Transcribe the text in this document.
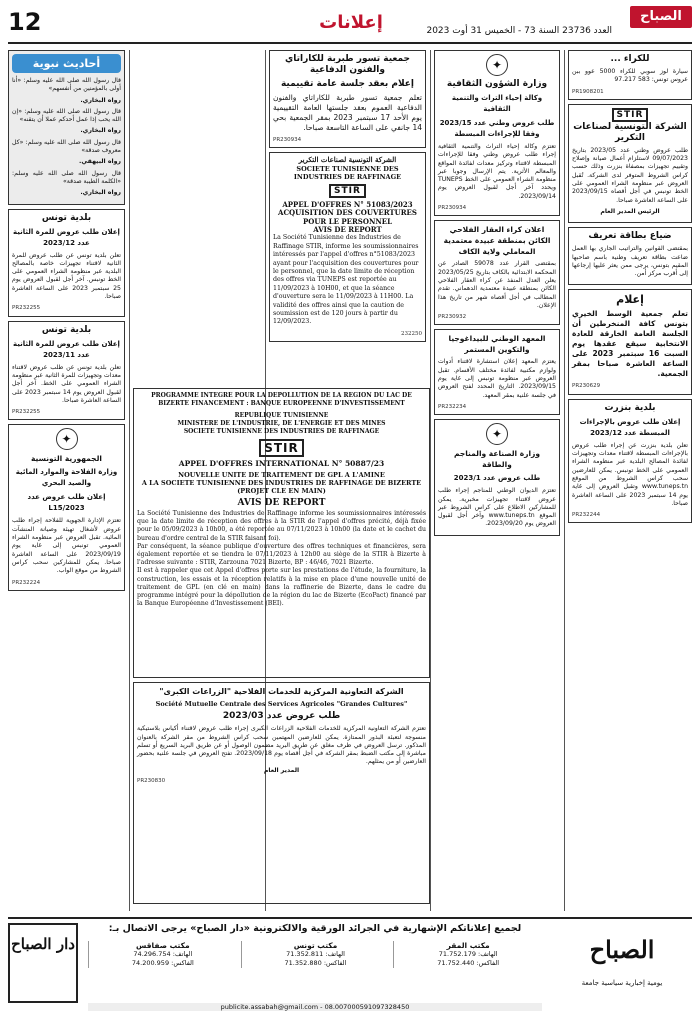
12	إعلانات	الصباح
العدد 23736 السنة 73 - الخميس 31 أوت 2023
للكراء ...

سيارة لوز سوبي للكراء 5000 عوو ببن عروس تونس: 583 97.217

PR1908201
STIR
الشركة التونسية لصناعات التكرير

طلب عروض وطني عدد 2023/05 بتاريخ 09/07/2023 لاستلزام أعمال صيانة وإصلاح وتقييم تجهيزات بمصفاة بنزرت وذلك حسب كراس الشروط المتوفر لدى الشركة. تُقبل العروض عبر منظومة الشراء العمومي على الخط تونبس في أجل أقصاه 2023/09/15 على الساعة العاشرة صباحا.

الرئيس المدير العام

ضياع بطاقة تعريف

بمقتضى القوانين والتراتيب الجاري بها العمل ضاعت بطاقة تعريف وطنية باسم صاحبها المقيم بتونس، يرجى ممن يعثر عليها إرجاعها إلى أقرب مركز أمن.

إعلام

تعلم جمعية الوسط الخيري بتونس كافة المنخرطين أن الجلسة العامة الخارقة للعادة الانتخابية سيقع عقدها يوم السبت 16 سبتمبر 2023 على الساعة العاشرة صباحا بمقر الجمعية.

PR230629
بلدية بنزرت
إعلان طلب عروض بالإجراءات المبسطة عدد 2023/12

تعلن بلدية بنزرت عن إجراء طلب عروض بالإجراءات المبسطة لاقتناء معدات وتجهيزات لفائدة المصالح البلدية عبر منظومة الشراء العمومي على الخط تونبس. يمكن للعارضين سحب كراس الشروط من الموقع www.tuneps.tn وتقبل العروض إلى غاية يوم 14 سبتمبر 2023 على الساعة العاشرة صباحا.

PR232244
✦
وزارة الشؤون الثقافية
وكالة إحياء التراث والتنمية الثقافية
طلب عروض وطني عدد 2023/15 وفقا للإجراءات المبسطة

تعتزم وكالة إحياء التراث والتنمية الثقافية إجراء طلب عروض وطني وفقا للإجراءات المبسطة لاقتناء وتركيز معدات لفائدة المواقع والمعالم الأثرية. يتم الإرسال وجوبا عبر منظومة الشراء العمومي على الخط TUNEPS ويحدد آخر أجل لقبول العروض يوم 2023/09/14.

PR230934
اعلان كراء العقار الفلاحي الكائن بمنطقة عبيدة معتمدية المعاملي ولاية الكاف

بمقتضى القرار عدد 59078 الصادر عن المحكمة الابتدائية بالكاف بتاريخ 2023/05/25 يعلن العدل المنفذ عن كراء العقار الفلاحي الكائن بمنطقة عبيدة معتمدية الدهماني. تقدم المطالب في أجل أقصاه شهر من تاريخ هذا الإعلان.

PR230932
المعهد الوطني للبيداغوجيا والتكوين المستمر

يعتزم المعهد إعلان استشارة لاقتناء أدوات ولوازم مكتبية لفائدة مختلف الأقسام. تقبل العروض عبر منظومة تونبس إلى غاية يوم 2023/09/15. التاريخ المحدد لفتح العروض في جلسة علنية بمقر المعهد.

PR232234
✦
وزارة الصناعة والمناجم والطاقة
طلب عروض عدد 2023/1

تعتزم الديوان الوطني للمناجم إجراء طلب عروض لاقتناء تجهيزات مخبرية. يمكن للمشاركين الاطلاع على كراس الشروط عبر الموقع www.tuneps.tn وآخر أجل لقبول العروض يوم 2023/09/20.

جمعية تسور طبربة للكاراتاي والفنون الدفاعية
إعلام بعقد جلسة عامة تقييمية

تعلم جمعية تسور طبربة للكاراتاي والفنون الدفاعية العموم بعقد جلستها العامة التقييمية يوم الأحد 17 سبتمبر 2023 بمقر الجمعية بحي 14 جانفي على الساعة التاسعة صباحا.

PR230934
الشركة التونسية لصناعات التكرير
SOCIETE TUNISIENNE DES
INDUSTRIES DE RAFFINAGE
STIR
APPEL D'OFFRES N° 51083/2023
ACQUISITION DES COUVERTURES POUR LE PERSONNEL
AVIS DE REPORT

La Société Tunisienne des Industries de Raffinage STIR, informe les soumissionnaires intéressés par l'appel d'offres n°51083/2023 ayant pour l'acquisition des couvertures pour le personnel, que la date limite de réception des offres via TUNEPS est reportée au 11/09/2023 à 10H00, et que la séance d'ouverture sera le 11/09/2023 à 11H00. La validité des offres ainsi que la caution de soumission est de 120 jours à partir du 12/09/2023.

232250
PROGRAMME INTEGRE POUR LA DEPOLLUTION DE LA REGION DU LAC DE BIZERTE FINANCEMENT : BANQUE EUROPEENNE D'INVESTISSEMENT
REPUBLIQUE TUNISIENNE
MINISTERE DE L'INDUSTRIE, DE L'ENERGIE ET DES MINES
SOCIETE TUNISIENNE DES INDUSTRIES DE RAFFINAGE
STIR
APPEL D'OFFRES INTERNATIONAL N° 50887/23
NOUVELLE UNITE DE TRAITEMENT DE GPL A L'AMINE
A LA SOCIETE TUNISIENNE DES INDUSTRIES DE RAFFINAGE DE BIZERTE
(PROJET CLE EN MAIN)
AVIS DE REPORT

La Société Tunisienne des Industries de Raffinage informe les soumissionnaires intéressés que la date limite de réception des offres à la STIR de l'appel d'offres précité, déjà fixée pour le 05/09/2023 à 10h00, a été reportée au 07/11/2023 à 10h00 (la date et le cachet du bureau d'ordre central de la STIR faisant foi).

Par conséquent, la séance publique d'ouverture des offres techniques et financières, sera également reportée et se tiendra le 07/11/2023 à 12h00 au siège de la STIR à Bizerte à l'adresse suivante : STIR, Zarzouna 7021 Bizerte, BP : 46/46, 7021 Bizerte.

Il est à rappeler que cet Appel d'offres porte sur les prestations de l'étude, la fourniture, la construction, les essais et la réception relatifs à la mise en place d'une nouvelle unité de traitement de GPL (en clé en main) dans la raffinerie de Bizerte, dans le cadre du programme intégré pour la dépollution de la région du lac de Bizerte (EcoPact) financé par la Banque Européenne d'Investissement (BEI).

الشركة التعاونية المركزية للخدمات الفلاحية "الزراعات الكبرى"
Société Mutuelle Centrale des Services Agricoles "Grandes Cultures"
طلب عروض عدد 2023/03

تعتزم الشركة التعاونية المركزية للخدمات الفلاحية الزراعات الكبرى إجراء طلب عروض لاقتناء أكياس بلاستيكية منسوجة لتعبئة البذور الممتازة. يمكن للعارضين المهتمين سحب كراس الشروط من مقر الشركة بالعنوان المذكور. ترسل العروض في ظرف مغلق عن طريق البريد مضمون الوصول أو عن طريق البريد السريع أو تسلم مباشرة إلى مكتب الضبط بمقر الشركة في أجل أقصاه يوم 2023/09/18. تفتح العروض في جلسة علنية بحضور العارضين أو من يمثلهم.

المدير العام

PR230830
أحاديث نبوية

قال رسول الله صلى الله عليه وسلم: «أنا أولى بالمؤمنين من أنفسهم»

رواه البخاري.

قال رسول الله صلى الله عليه وسلم: «إن الله يحب إذا عمل أحدكم عملا أن يتقنه»

رواه البخاري.

قال رسول الله صلى الله عليه وسلم: «كل معروف صدقة»

رواه البيهقي.

قال رسول الله صلى الله عليه وسلم: «الكلمة الطيبة صدقة»

رواه البخاري.

بلدية تونس
إعلان طلب عروض للمرة الثانية عدد 2023/12

تعلن بلدية تونس عن طلب عروض للمرة الثانية لاقتناء تجهيزات خاصة بالمصالح البلدية عبر منظومة الشراء العمومي على الخط تونبس. آخر أجل لقبول العروض يوم 25 سبتمبر 2023 على الساعة العاشرة صباحا.

PR232255
بلدية تونس
إعلان طلب عروض للمرة الثانية عدد 2023/11

تعلن بلدية تونس عن طلب عروض لاقتناء معدات وتجهيزات للمرة الثانية عبر منظومة الشراء العمومي على الخط. آخر أجل لقبول العروض يوم 14 سبتمبر 2023 على الساعة العاشرة صباحا.

PR232255
✦
الجمهورية التونسية
وزارة الفلاحة والموارد المائية والصيد البحري
إعلان طلب عروض عدد L15/2023

تعتزم الإدارة الجهوية للفلاحة إجراء طلب عروض لأشغال تهيئة وصيانة المنشآت المائية. تقبل العروض عبر منظومة الشراء العمومي تونبس إلى غاية يوم 2023/09/19 على الساعة العاشرة صباحا. يمكن للمشاركين سحب كراس الشروط من موقع الواب.

PR232224
الصباح
يومية إخبارية سياسية جامعة
لجميع إعلاناتكم الإشهارية في الجرائد الورقية والالكترونية «دار الصباح» يرجى الاتصال بـ:
مكتب المقر
الهاتف: 71.752.179
الفاكس: 71.752.440
مكتب تونس
الهاتف: 71.352.811
الفاكس: 71.352.880
مكتب صفاقس
الهاتف: 74.296.754
الفاكس: 74.200.959
publicite.assabah@gmail.com - 08.007000591097328450
دار الصباح
